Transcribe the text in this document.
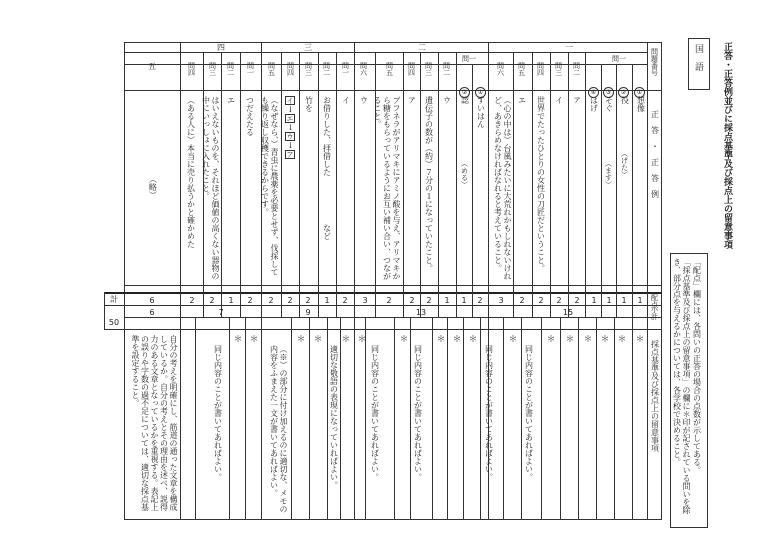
国　語 正答・正答例並びに採点基準及び採点上の留意事項
「配点」欄には、各問いの正答の場合の点数が示してある。
「採点基準及び採点上の留意事項」の欄に＊印が記されている問いを除き、部分点を与えるかについては、各学校で決めること。
計
50
問題番号
正　答　・　正　答　例
配点
小計
採点基準及び採点上の留意事項
一
二
三
四
五
問一
①
②
③
④
問二
問三
問四
問五
問六
問一
①
②
問二
問三
問四
問五
問六
問一
問二
問三
問四
問五
問一
問二
問三
問四
想像
役
（げた）
そぐ
（ます）
はげ
ア
イ
世界でたったひとりの女性の刀匠だということ。
エ
（心の中は）台風みたいに大荒れかもしれないけれど、あきらめなければなれると考えていること。
すいはん
認
（める）
ウ
遺伝子の数が（約）７分の１になっていたこと。
ア
ブフネラがアリマキにアミノ酸を与え、アリマキから糖をもらっているようにお互い補い合い、つながること。
ウ
イ
お借りした、拝借した　　　　　　など
竹を
イ↓エ↓ウ↓ア
（なぜなら、）青虫に農薬を必要とせず、伐採しても繰り返し収穫できるからです。
つだえたる
エ
はいえないものを、それほど価値の高くない器物の中にいっしょに入れたこと。
（ある人に）本当に売り払うかと確かめた
（略）
1
1
1
1
2
2
2
2
3
2
1
1
2
2
2
3
2
1
2
2
2
2
1
2
2
6
15
13
9
7
6
＊
＊
＊
＊
＊
＊
＊
＊
＊
＊
＊
＊
＊
＊
＊
＊
＊
同じ内容のことが書いてあればよい。
同じ内容のことが書いてあればよい。
同じ内容のことが書いてあればよい。
同じ内容のことが書いてあればよい。
適切な敬語の表現になっていればよい。
（※）の部分に付け加えるのに適切な、メモの内容をふまえた一文が書いてあればよい。
同じ内容のことが書いてあればよい。
自分の考えを明確にし、筋道の通った文章を構成しているか。自分の考えとその理由を述べ、説得力のある文章となっているかを重視する。表記上の誤りや字数の過不足については、適切な採点基準を設定すること。
